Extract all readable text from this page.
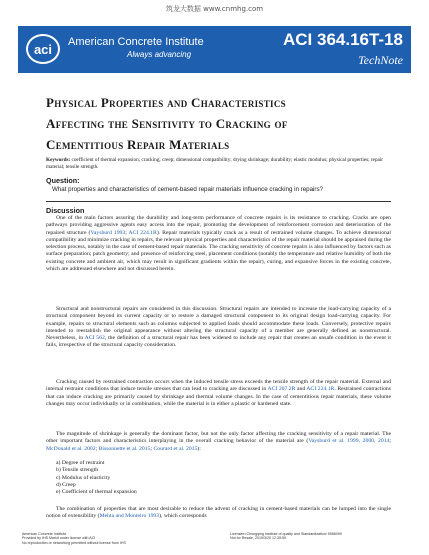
筑龙大数据 www.cnmhg.com
aci	American Concrete Institute
Always advancing
ACI 364.16T-18
TechNote
Physical Properties and Characteristics
Affecting the Sensitivity to Cracking of
Cementitious Repair Materials
Keywords: coefficient of thermal expansion; cracking; creep; dimensional compatibility; drying shrinkage; durability; elastic modulus; physical properties; repair material; tensile strength.
Question:
What properties and characteristics of cement-based repair materials influence cracking in repairs?
Discussion
One of the main factors assuring the durability and long-term performance of concrete repairs is its resistance to cracking. Cracks are open pathways providing aggressive agents easy access into the repair, promoting the development of reinforcement corrosion and deterioration of the repaired structure (Vaysburd 1993; ACI 224.1R). Repair materials typically crack as a result of restrained volume changes. To achieve dimensional compatibility and minimize cracking in repairs, the relevant physical properties and characteristics of the repair material should be appraised during the selection process, notably in the case of cement-based repair materials. The cracking sensitivity of concrete repairs is also influenced by factors such as surface preparation; patch geometry; and presence of reinforcing steel, placement conditions (notably the temperature and relative humidity of both the existing concrete and ambient air, which may result in significant gradients within the repair), curing, and expansive forces in the existing concrete, which are addressed elsewhere and not discussed herein.
Structural and nonstructural repairs are considered in this discussion. Structural repairs are intended to increase the load-carrying capacity of a structural component beyond its current capacity or to restore a damaged structural component to its original design load-carrying capacity. For example, repairs to structural elements such as columns subjected to applied loads should accommodate these loads. Conversely, protective repairs intended to reestablish the original appearance without altering the structural capacity of a member are generally defined as nonstructural. Nevertheless, in ACI 562, the definition of a structural repair has been widened to include any repair that creates an unsafe condition in the event it fails, irrespective of the structural capacity consideration.
Cracking caused by restrained contraction occurs when the induced tensile stress exceeds the tensile strength of the repair material. External and internal restraint conditions that induce tensile stresses that can lead to cracking are discussed in ACI 207.2R and ACI 224.1R. Restrained contractions that can induce cracking are primarily caused by shrinkage and thermal volume changes. In the case of cementitious repair materials, these volume changes may occur individually or in combination, while the material is in either a plastic or hardened state.
The magnitude of shrinkage is generally the dominant factor, but not the only factor affecting the cracking sensitivity of a repair material. The other important factors and characteristics interplaying in the overall cracking behavior of the material are (Vaysburd et al. 1999, 2000, 2014; McDonald et al. 2002; Bissonnette et al. 2015; Courard et al. 2015):
a) Degree of restraint
b) Tensile strength
c) Modulus of elasticity
d) Creep
e) Coefficient of thermal expansion
The combination of properties that are most desirable to reduce the advent of cracking in cement-based materials can be lumped into the single notion of extensibility (Mehta and Monteiro 1993), which corresponds
American Concrete Institute
Provided by IHS Markit under license with ACI
No reproduction or networking permitted without license from IHS
Licensee=Chongqing Institute of quality and Standardization/ 5966099
Not for Resale, 2019/3/20 12:35:59
